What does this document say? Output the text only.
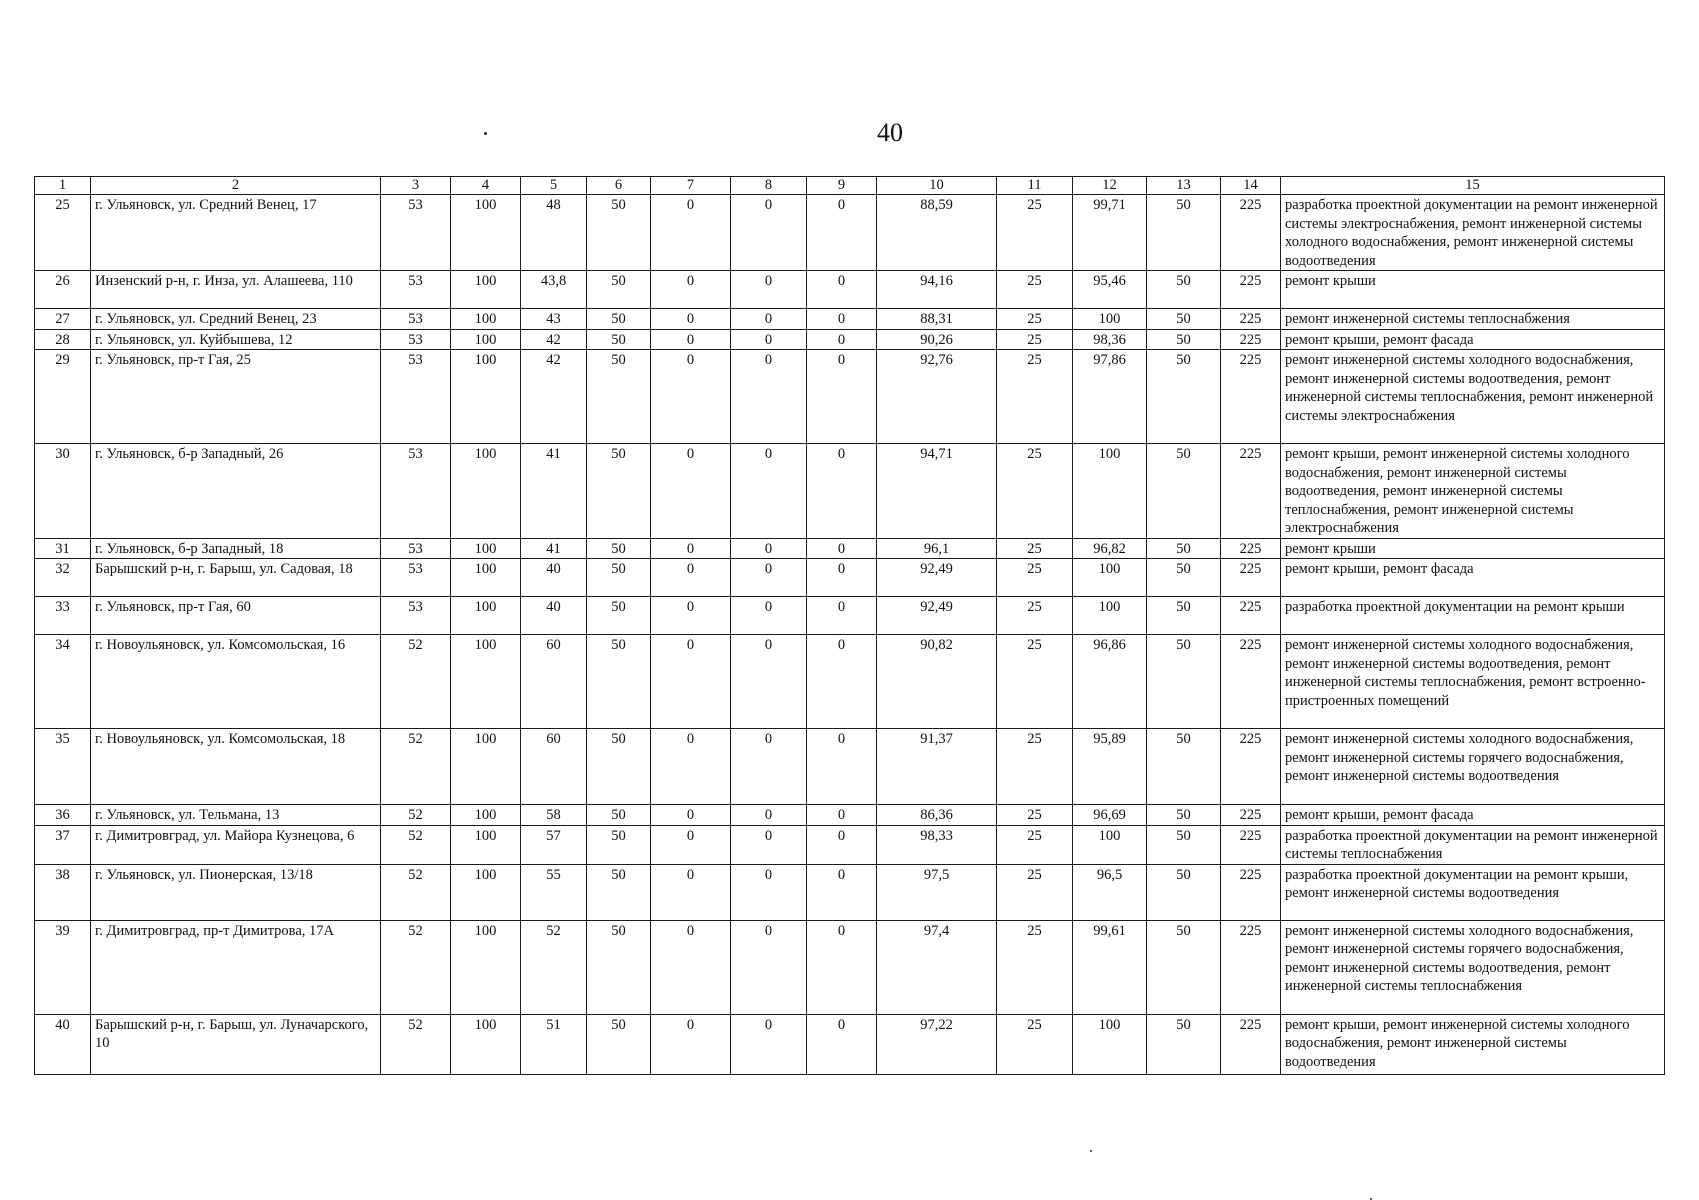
40
1	2	3	4	5	6	7	8	9	10	11	12	13	14	15
25	г. Ульяновск, ул. Средний Венец, 17	53	100	48	50	0	0	0	88,59	25	99,71	50	225	разработка проектной документации на ремонт инженерной системы электроснабжения, ремонт инженерной системы холодного водоснабжения, ремонт инженерной системы водоотведения
26	Инзенский р-н, г. Инза, ул. Алашеева, 110	53	100	43,8	50	0	0	0	94,16	25	95,46	50	225	ремонт крыши
27	г. Ульяновск, ул. Средний Венец, 23	53	100	43	50	0	0	0	88,31	25	100	50	225	ремонт инженерной системы теплоснабжения
28	г. Ульяновск, ул. Куйбышева, 12	53	100	42	50	0	0	0	90,26	25	98,36	50	225	ремонт крыши, ремонт фасада
29	г. Ульяновск, пр-т Гая, 25	53	100	42	50	0	0	0	92,76	25	97,86	50	225	ремонт инженерной системы холодного водоснабжения, ремонт инженерной системы водоотведения, ремонт инженерной системы теплоснабжения, ремонт инженерной системы электроснабжения
30	г. Ульяновск, б-р Западный, 26	53	100	41	50	0	0	0	94,71	25	100	50	225	ремонт крыши, ремонт инженерной системы холодного водоснабжения, ремонт инженерной системы водоотведения, ремонт инженерной системы теплоснабжения, ремонт инженерной системы электроснабжения
31	г. Ульяновск, б-р Западный, 18	53	100	41	50	0	0	0	96,1	25	96,82	50	225	ремонт крыши
32	Барышский р-н, г. Барыш, ул. Садовая, 18	53	100	40	50	0	0	0	92,49	25	100	50	225	ремонт крыши, ремонт фасада
33	г. Ульяновск, пр-т Гая, 60	53	100	40	50	0	0	0	92,49	25	100	50	225	разработка проектной документации на ремонт крыши
34	г. Новоульяновск, ул. Комсомольская, 16	52	100	60	50	0	0	0	90,82	25	96,86	50	225	ремонт инженерной системы холодного водоснабжения, ремонт инженерной системы водоотведения, ремонт инженерной системы теплоснабжения, ремонт встроенно-пристроенных помещений
35	г. Новоульяновск, ул. Комсомольская, 18	52	100	60	50	0	0	0	91,37	25	95,89	50	225	ремонт инженерной системы холодного водоснабжения, ремонт инженерной системы горячего водоснабжения, ремонт инженерной системы водоотведения
36	г. Ульяновск, ул. Тельмана, 13	52	100	58	50	0	0	0	86,36	25	96,69	50	225	ремонт крыши, ремонт фасада
37	г. Димитровград, ул. Майора Кузнецова, 6	52	100	57	50	0	0	0	98,33	25	100	50	225	разработка проектной документации на ремонт инженерной системы теплоснабжения
38	г. Ульяновск, ул. Пионерская, 13/18	52	100	55	50	0	0	0	97,5	25	96,5	50	225	разработка проектной документации на ремонт крыши, ремонт инженерной системы водоотведения
39	г. Димитровград, пр-т Димитрова, 17А	52	100	52	50	0	0	0	97,4	25	99,61	50	225	ремонт инженерной системы холодного водоснабжения, ремонт инженерной системы горячего водоснабжения, ремонт инженерной системы водоотведения, ремонт инженерной системы теплоснабжения
40	Барышский р-н, г. Барыш, ул. Луначарского, 10	52	100	51	50	0	0	0	97,22	25	100	50	225	ремонт крыши, ремонт инженерной системы холодного водоснабжения, ремонт инженерной системы водоотведения
